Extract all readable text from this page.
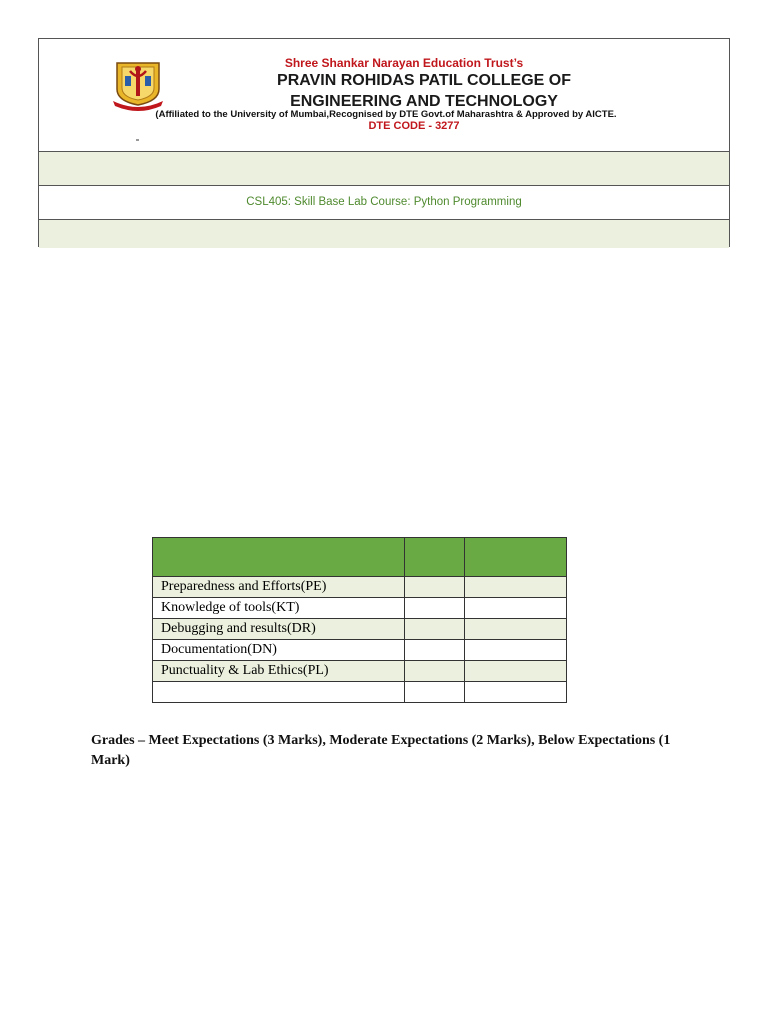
Shree Shankar Narayan Education Trust’s
PRAVIN ROHIDAS PATIL COLLEGE OF
ENGINEERING AND TECHNOLOGY
(Affiliated to the University of Mumbai,Recognised by DTE Govt.of Maharashtra & Approved by AICTE.
DTE CODE - 3277
CSL405: Skill Base Lab Course: Python Programming

Preparedness and Efforts(PE)		
Knowledge of tools(KT)		
Debugging and results(DR)		
Documentation(DN)		
Punctuality & Lab Ethics(PL)		

Grades – Meet Expectations (3 Marks), Moderate Expectations (2 Marks), Below Expectations (1 Mark)
